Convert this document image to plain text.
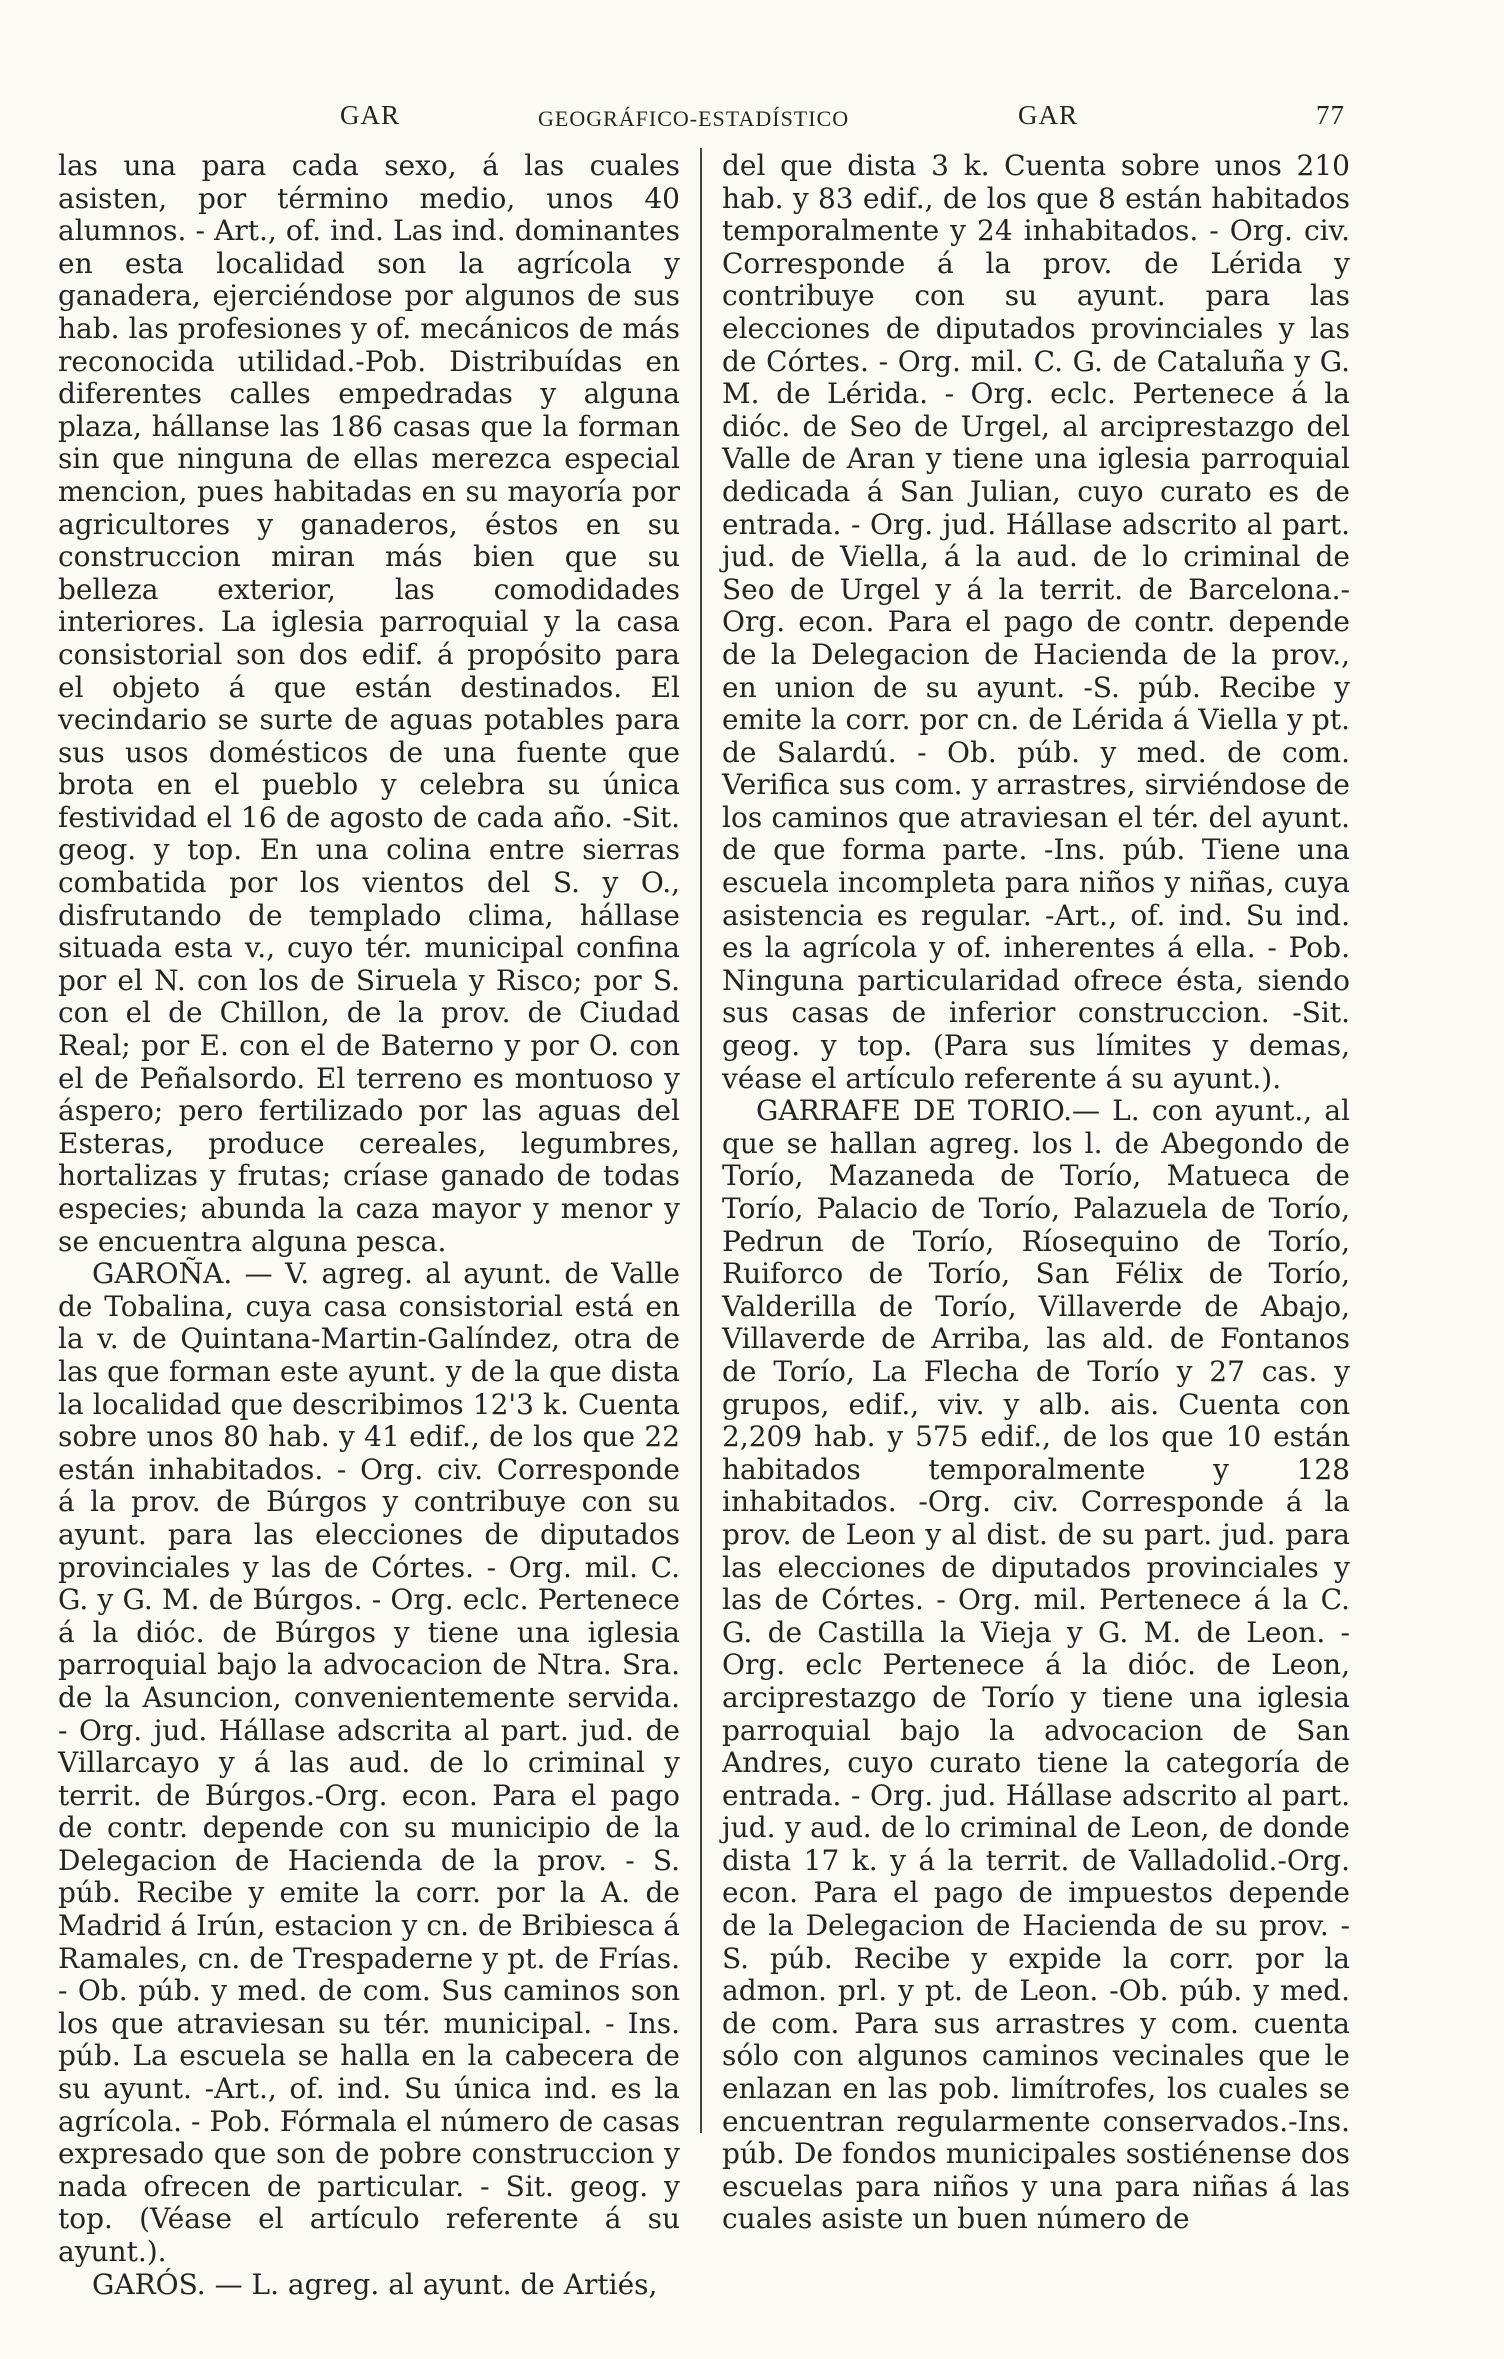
GAR	GEOGRÁFICO-ESTADÍSTICO	GAR	77

las una para cada sexo, á las cuales asisten, por término medio, unos 40 alumnos. - Art., of. ind. Las ind. dominantes en esta localidad son la agrícola y ganadera, ejerciéndose por algunos de sus hab. las profesiones y of. mecánicos de más reconocida utilidad.-Pob. Distribuídas en diferentes calles empedradas y alguna plaza, hállanse las 186 casas que la forman sin que ninguna de ellas merezca especial mencion, pues habitadas en su mayoría por agricultores y ganaderos, éstos en su construccion miran más bien que su belleza exterior, las comodidades interiores. La iglesia parroquial y la casa consistorial son dos edif. á propósito para el objeto á que están destinados. El vecindario se surte de aguas potables para sus usos domésticos de una fuente que brota en el pueblo y celebra su única festividad el 16 de agosto de cada año. -Sit. geog. y top. En una colina entre sierras combatida por los vientos del S. y O., disfrutando de templado clima, hállase situada esta v., cuyo tér. municipal confina por el N. con los de Siruela y Risco; por S. con el de Chillon, de la prov. de Ciudad Real; por E. con el de Baterno y por O. con el de Peñalsordo. El terreno es montuoso y áspero; pero fertilizado por las aguas del Esteras, produce cereales, legumbres, hortalizas y frutas; críase ganado de todas especies; abunda la caza mayor y menor y se encuentra alguna pesca.

GAROÑA. — V. agreg. al ayunt. de Valle de Tobalina, cuya casa consistorial está en la v. de Quintana-Martin-Galíndez, otra de las que forman este ayunt. y de la que dista la localidad que describimos 12'3 k. Cuenta sobre unos 80 hab. y 41 edif., de los que 22 están inhabitados. - Org. civ. Corresponde á la prov. de Búrgos y contribuye con su ayunt. para las elecciones de diputados provinciales y las de Córtes. - Org. mil. C. G. y G. M. de Búrgos. - Org. eclc. Pertenece á la dióc. de Búrgos y tiene una iglesia parroquial bajo la advocacion de Ntra. Sra. de la Asuncion, convenientemente servida. - Org. jud. Hállase adscrita al part. jud. de Villarcayo y á las aud. de lo criminal y territ. de Búrgos.-Org. econ. Para el pago de contr. depende con su municipio de la Delegacion de Hacienda de la prov. - S. púb. Recibe y emite la corr. por la A. de Madrid á Irún, estacion y cn. de Bribiesca á Ramales, cn. de Trespaderne y pt. de Frías. - Ob. púb. y med. de com. Sus caminos son los que atraviesan su tér. municipal. - Ins. púb. La escuela se halla en la cabecera de su ayunt. -Art., of. ind. Su única ind. es la agrícola. - Pob. Fórmala el número de casas expresado que son de pobre construccion y nada ofrecen de particular. - Sit. geog. y top. (Véase el artículo referente á su ayunt.).

GARÓS. — L. agreg. al ayunt. de Artiés,

del que dista 3 k. Cuenta sobre unos 210 hab. y 83 edif., de los que 8 están habitados temporalmente y 24 inhabitados. - Org. civ. Corresponde á la prov. de Lérida y contribuye con su ayunt. para las elecciones de diputados provinciales y las de Córtes. - Org. mil. C. G. de Cataluña y G. M. de Lérida. - Org. eclc. Pertenece á la dióc. de Seo de Urgel, al arciprestazgo del Valle de Aran y tiene una iglesia parroquial dedicada á San Julian, cuyo curato es de entrada. - Org. jud. Hállase adscrito al part. jud. de Viella, á la aud. de lo criminal de Seo de Urgel y á la territ. de Barcelona.- Org. econ. Para el pago de contr. depende de la Delegacion de Hacienda de la prov., en union de su ayunt. -S. púb. Recibe y emite la corr. por cn. de Lérida á Viella y pt. de Salardú. - Ob. púb. y med. de com. Verifica sus com. y arrastres, sirviéndose de los caminos que atraviesan el tér. del ayunt. de que forma parte. -Ins. púb. Tiene una escuela incompleta para niños y niñas, cuya asistencia es regular. -Art., of. ind. Su ind. es la agrícola y of. inherentes á ella. - Pob. Ninguna particularidad ofrece ésta, siendo sus casas de inferior construccion. -Sit. geog. y top. (Para sus límites y demas, véase el artículo referente á su ayunt.).

GARRAFE DE TORIO.— L. con ayunt., al que se hallan agreg. los l. de Abegondo de Torío, Mazaneda de Torío, Matueca de Torío, Palacio de Torío, Palazuela de Torío, Pedrun de Torío, Ríosequino de Torío, Ruiforco de Torío, San Félix de Torío, Valderilla de Torío, Villaverde de Abajo, Villaverde de Arriba, las ald. de Fontanos de Torío, La Flecha de Torío y 27 cas. y grupos, edif., viv. y alb. ais. Cuenta con 2,209 hab. y 575 edif., de los que 10 están habitados temporalmente y 128 inhabitados. -Org. civ. Corresponde á la prov. de Leon y al dist. de su part. jud. para las elecciones de diputados provinciales y las de Córtes. - Org. mil. Pertenece á la C. G. de Castilla la Vieja y G. M. de Leon. - Org. eclc Pertenece á la dióc. de Leon, arciprestazgo de Torío y tiene una iglesia parroquial bajo la advocacion de San Andres, cuyo curato tiene la categoría de entrada. - Org. jud. Hállase adscrito al part. jud. y aud. de lo criminal de Leon, de donde dista 17 k. y á la territ. de Valladolid.-Org. econ. Para el pago de impuestos depende de la Delegacion de Hacienda de su prov. -S. púb. Recibe y expide la corr. por la admon. prl. y pt. de Leon. -Ob. púb. y med. de com. Para sus arrastres y com. cuenta sólo con algunos caminos vecinales que le enlazan en las pob. limítrofes, los cuales se encuentran regularmente conservados.-Ins. púb. De fondos municipales sostiénense dos escuelas para niños y una para niñas á las cuales asiste un buen número de
